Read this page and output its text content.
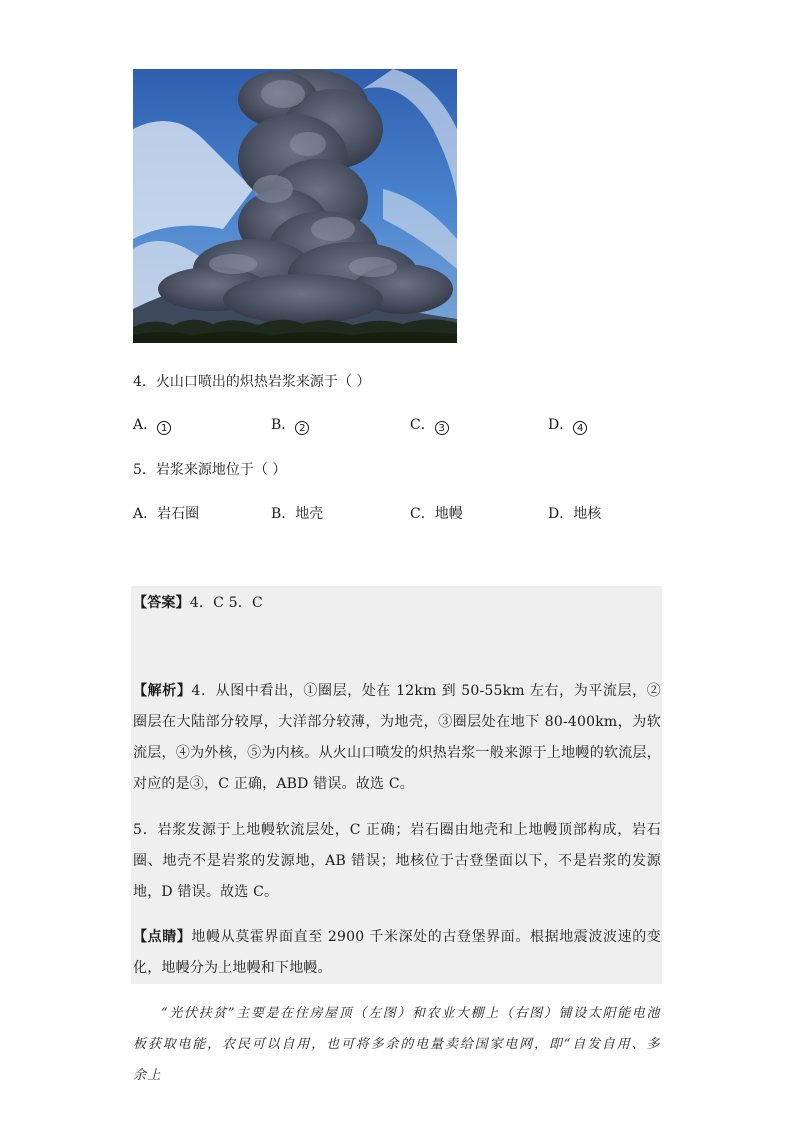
4．火山口喷出的炽热岩浆来源于（ ）
A． 1	B． 2	C． 3	D． 4
5．岩浆来源地位于（ ）
A．岩石圈	B．地壳	C．地幔	D．地核
【答案】4．C 5．C
【解析】4．从图中看出，①圈层，处在 12km 到 50-55km 左右，为平流层，②圈层在大陆部分较厚，大洋部分较薄，为地壳，③圈层处在地下 80-400km，为软流层，④为外核，⑤为内核。从火山口喷发的炽热岩浆一般来源于上地幔的软流层，对应的是③，C 正确，ABD 错误。故选 C。
5．岩浆发源于上地幔软流层处，C 正确；岩石圈由地壳和上地幔顶部构成，岩石圈、地壳不是岩浆的发源地，AB 错误；地核位于古登堡面以下，不是岩浆的发源地，D 错误。故选 C。
【点睛】地幔从莫霍界面直至 2900 千米深处的古登堡界面。根据地震波波速的变化，地幔分为上地幔和下地幔。
“光伏扶贫”主要是在住房屋顶（左图）和农业大棚上（右图）铺设太阳能电池板获取电能，农民可以自用，也可将多余的电量卖给国家电网，即“自发自用、多余上
